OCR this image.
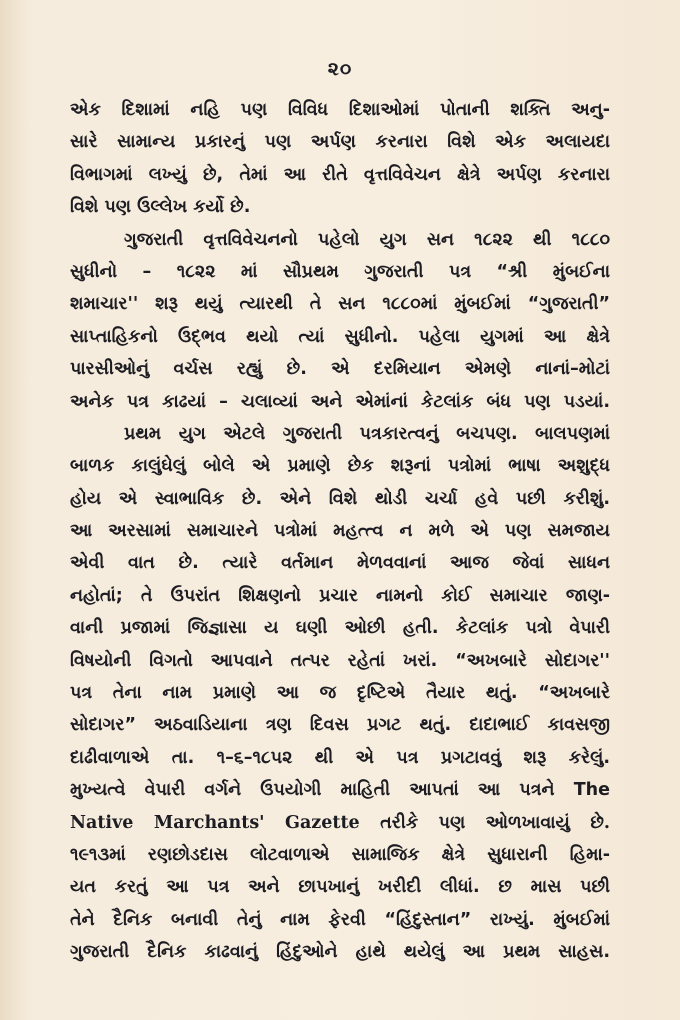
૨૦
એક દિશામાં નહિ પણ વિવિધ દિશાઓમાં પોતાની શક્તિ અનુ-
સારે સામાન્ય પ્રકારનું પણ અર્પણ કરનારા વિશે એક અલાયદા
વિભાગમાં લખ્યું છે, તેમાં આ રીતે વૃત્તવિવેચન ક્ષેત્રે અર્પણ કરનારા
વિશે પણ ઉલ્લેખ કર્યો છે.
ગુજરાતી વૃત્તવિવેચનનો પહેલો યુગ સન ૧૮૨૨ થી ૧૮૮૦
સુધીનો – ૧૮૨૨ માં સૌપ્રથમ ગુજરાતી પત્ર “શ્રી મુંબઈના
શમાચાર'' શરૂ થયું ત્યારથી તે સન ૧૮૮૦માં મુંબઈમાં “ગુજરાતી”
સાપ્તાહિકનો ઉદ્ભવ થયો ત્યાં સુધીનો. પહેલા યુગમાં આ ક્ષેત્રે
પારસીઓનું વર્ચસ રહ્યું છે. એ દરમિયાન એમણે નાનાં–મોટાં
અનેક પત્ર કાઢયાં – ચલાવ્યાં અને એમાંનાં કેટલાંક બંધ પણ પડયાં.
પ્રથમ યુગ એટલે ગુજરાતી પત્રકારત્વનું બચપણ. બાલપણમાં
બાળક કાલુંઘેલું બોલે એ પ્રમાણે છેક શરૂનાં પત્રોમાં ભાષા અશુદ્ધ
હોય એ સ્વાભાવિક છે. એને વિશે થોડી ચર્ચા હવે પછી કરીશું.
આ અરસામાં સમાચારને પત્રોમાં મહત્ત્વ ન મળે એ પણ સમજાય
એવી વાત છે. ત્યારે વર્તમાન મેળવવાનાં આજ જેવાં સાધન
નહોતાં; તે ઉપરાંત શિક્ષણનો પ્રચાર નામનો કોઈ સમાચાર જાણ-
વાની પ્રજામાં જિજ્ઞાસા ય ઘણી ઓછી હતી. કેટલાંક પત્રો વેપારી
વિષયોની વિગતો આપવાને તત્પર રહેતાં ખરાં. “અખબારે સોદાગર''
પત્ર તેના નામ પ્રમાણે આ જ દૃષ્ટિએ તૈયાર થતું. “અખબારે
સોદાગર” અઠવાડિયાના ત્રણ દિવસ પ્રગટ થતું. દાદાભાઈ કાવસજી
દાઢીવાળાએ તા. ૧–૬–૧૮૫૨ થી એ પત્ર પ્રગટાવવું શરૂ કરેલું.
મુખ્યત્વે વેપારી વર્ગને ઉપયોગી માહિતી આપતાં આ પત્રને The
Native Marchants' Gazette તરીકે પણ ઓળખાવાયું છે.
૧૯૧૩માં રણછોડદાસ લોટવાળાએ સામાજિક ક્ષેત્રે સુધારાની હિમા-
યત કરતું આ પત્ર અને છાપખાનું ખરીદી લીધાં. છ માસ પછી
તેને દૈનિક બનાવી તેનું નામ ફેરવી “હિંદુસ્તાન” રાખ્યું. મુંબઈમાં
ગુજરાતી દૈનિક કાઢવાનું હિંદુઓને હાથે થયેલું આ પ્રથમ સાહસ.
